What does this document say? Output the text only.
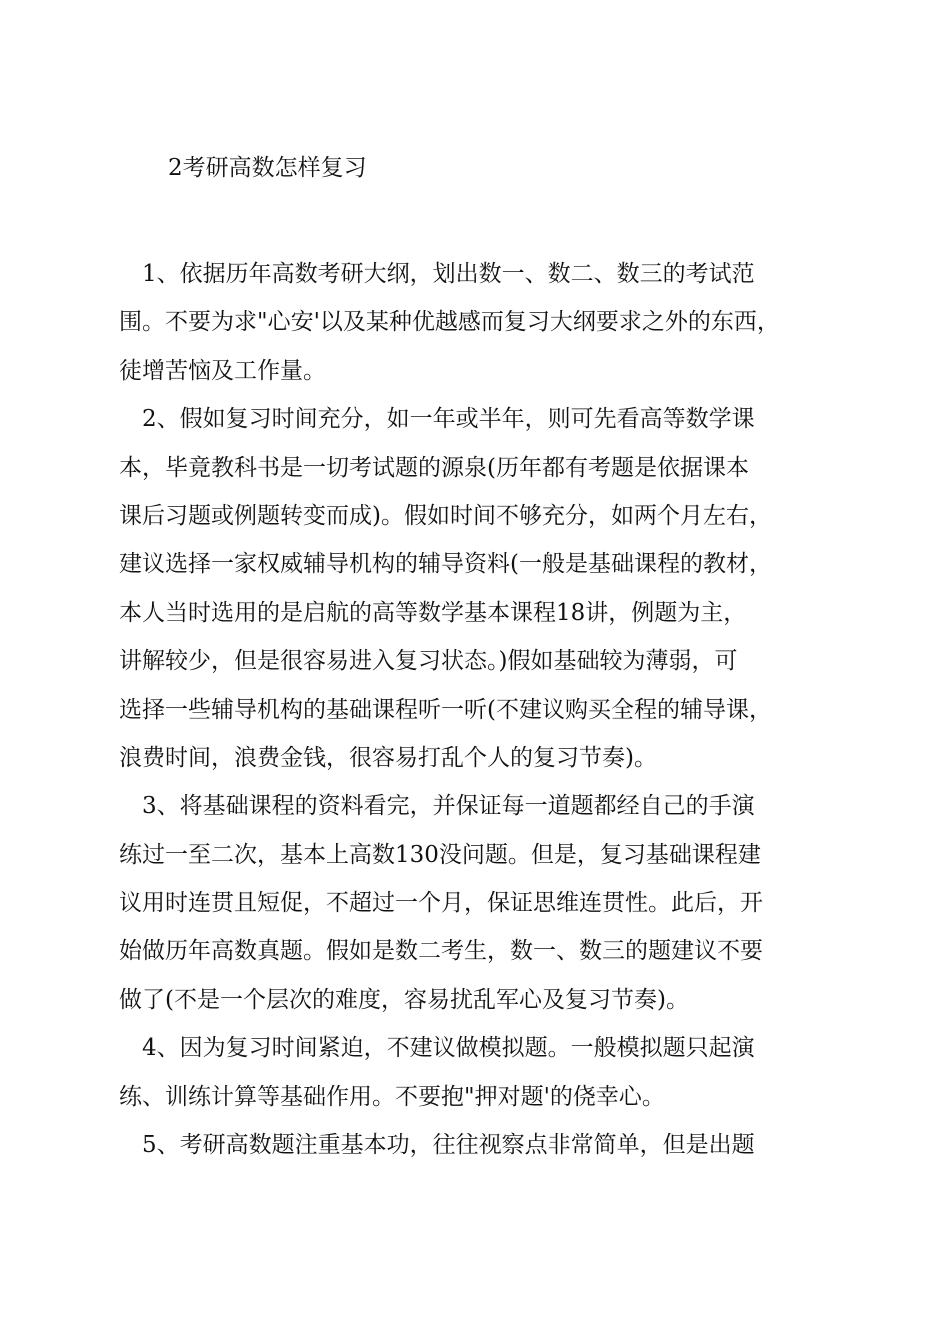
2考研高数怎样复习
1、依据历年高数考研大纲，划出数一、数二、数三的考试范
围。不要为求"心安'以及某种优越感而复习大纲要求之外的东西，
徒增苦恼及工作量。
2、假如复习时间充分，如一年或半年，则可先看高等数学课
本，毕竟教科书是一切考试题的源泉(历年都有考题是依据课本
课后习题或例题转变而成)。假如时间不够充分，如两个月左右，
建议选择一家权威辅导机构的辅导资料(一般是基础课程的教材，
本人当时选用的是启航的高等数学基本课程18讲，例题为主，
讲解较少，但是很容易进入复习状态。)假如基础较为薄弱，可
选择一些辅导机构的基础课程听一听(不建议购买全程的辅导课，
浪费时间，浪费金钱，很容易打乱个人的复习节奏)。
3、将基础课程的资料看完，并保证每一道题都经自己的手演
练过一至二次，基本上高数130没问题。但是，复习基础课程建
议用时连贯且短促，不超过一个月，保证思维连贯性。此后，开
始做历年高数真题。假如是数二考生，数一、数三的题建议不要
做了(不是一个层次的难度，容易扰乱军心及复习节奏)。
4、因为复习时间紧迫，不建议做模拟题。一般模拟题只起演
练、训练计算等基础作用。不要抱"押对题'的侥幸心。
5、考研高数题注重基本功，往往视察点非常简单，但是出题
